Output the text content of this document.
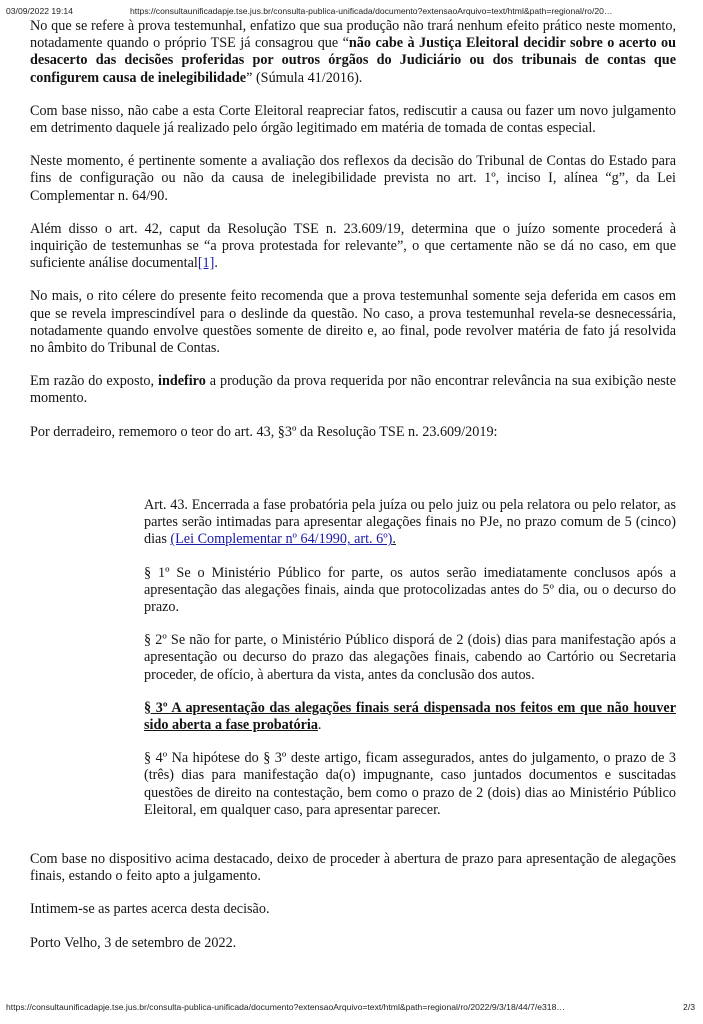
03/09/2022 19:14	https://consultaunificadapje.tse.jus.br/consulta-publica-unificada/documento?extensaoArquivo=text/html&path=regional/ro/20…

No que se refere à prova testemunhal, enfatizo que sua produção não trará nenhum efeito prático neste momento, notadamente quando o próprio TSE já consagrou que “não cabe à Justiça Eleitoral decidir sobre o acerto ou desacerto das decisões proferidas por outros órgãos do Judiciário ou dos tribunais de contas que configurem causa de inelegibilidade” (Súmula 41/2016).

Com base nisso, não cabe a esta Corte Eleitoral reapreciar fatos, rediscutir a causa ou fazer um novo julgamento em detrimento daquele já realizado pelo órgão legitimado em matéria de tomada de contas especial.

Neste momento, é pertinente somente a avaliação dos reflexos da decisão do Tribunal de Contas do Estado para fins de configuração ou não da causa de inelegibilidade prevista no art. 1º, inciso I, alínea “g”, da Lei Complementar n. 64/90.

Além disso o art. 42, caput da Resolução TSE n. 23.609/19, determina que o juízo somente procederá à inquirição de testemunhas se “a prova protestada for relevante”, o que certamente não se dá no caso, em que suficiente análise documental[1].

No mais, o rito célere do presente feito recomenda que a prova testemunhal somente seja deferida em casos em que se revela imprescindível para o deslinde da questão. No caso, a prova testemunhal revela-se desnecessária, notadamente quando envolve questões somente de direito e, ao final, pode revolver matéria de fato já resolvida no âmbito do Tribunal de Contas.

Em razão do exposto, indefiro a produção da prova requerida por não encontrar relevância na sua exibição neste momento.

Por derradeiro, rememoro o teor do art. 43, §3º da Resolução TSE n. 23.609/2019:

Art. 43. Encerrada a fase probatória pela juíza ou pelo juiz ou pela relatora ou pelo relator, as partes serão intimadas para apresentar alegações finais no PJe, no prazo comum de 5 (cinco) dias (Lei Complementar nº 64/1990, art. 6º).

§ 1º Se o Ministério Público for parte, os autos serão imediatamente conclusos após a apresentação das alegações finais, ainda que protocolizadas antes do 5º dia, ou o decurso do prazo.

§ 2º Se não for parte, o Ministério Público disporá de 2 (dois) dias para manifestação após a apresentação ou decurso do prazo das alegações finais, cabendo ao Cartório ou Secretaria proceder, de ofício, à abertura da vista, antes da conclusão dos autos.

§ 3º A apresentação das alegações finais será dispensada nos feitos em que não houver sido aberta a fase probatória.

§ 4º Na hipótese do § 3º deste artigo, ficam assegurados, antes do julgamento, o prazo de 3 (três) dias para manifestação da(o) impugnante, caso juntados documentos e suscitadas questões de direito na contestação, bem como o prazo de 2 (dois) dias ao Ministério Público Eleitoral, em qualquer caso, para apresentar parecer.

Com base no dispositivo acima destacado, deixo de proceder à abertura de prazo para apresentação de alegações finais, estando o feito apto a julgamento.

Intimem-se as partes acerca desta decisão.

Porto Velho, 3 de setembro de 2022.

https://consultaunificadapje.tse.jus.br/consulta-publica-unificada/documento?extensaoArquivo=text/html&path=regional/ro/2022/9/3/18/44/7/e318…	2/3
